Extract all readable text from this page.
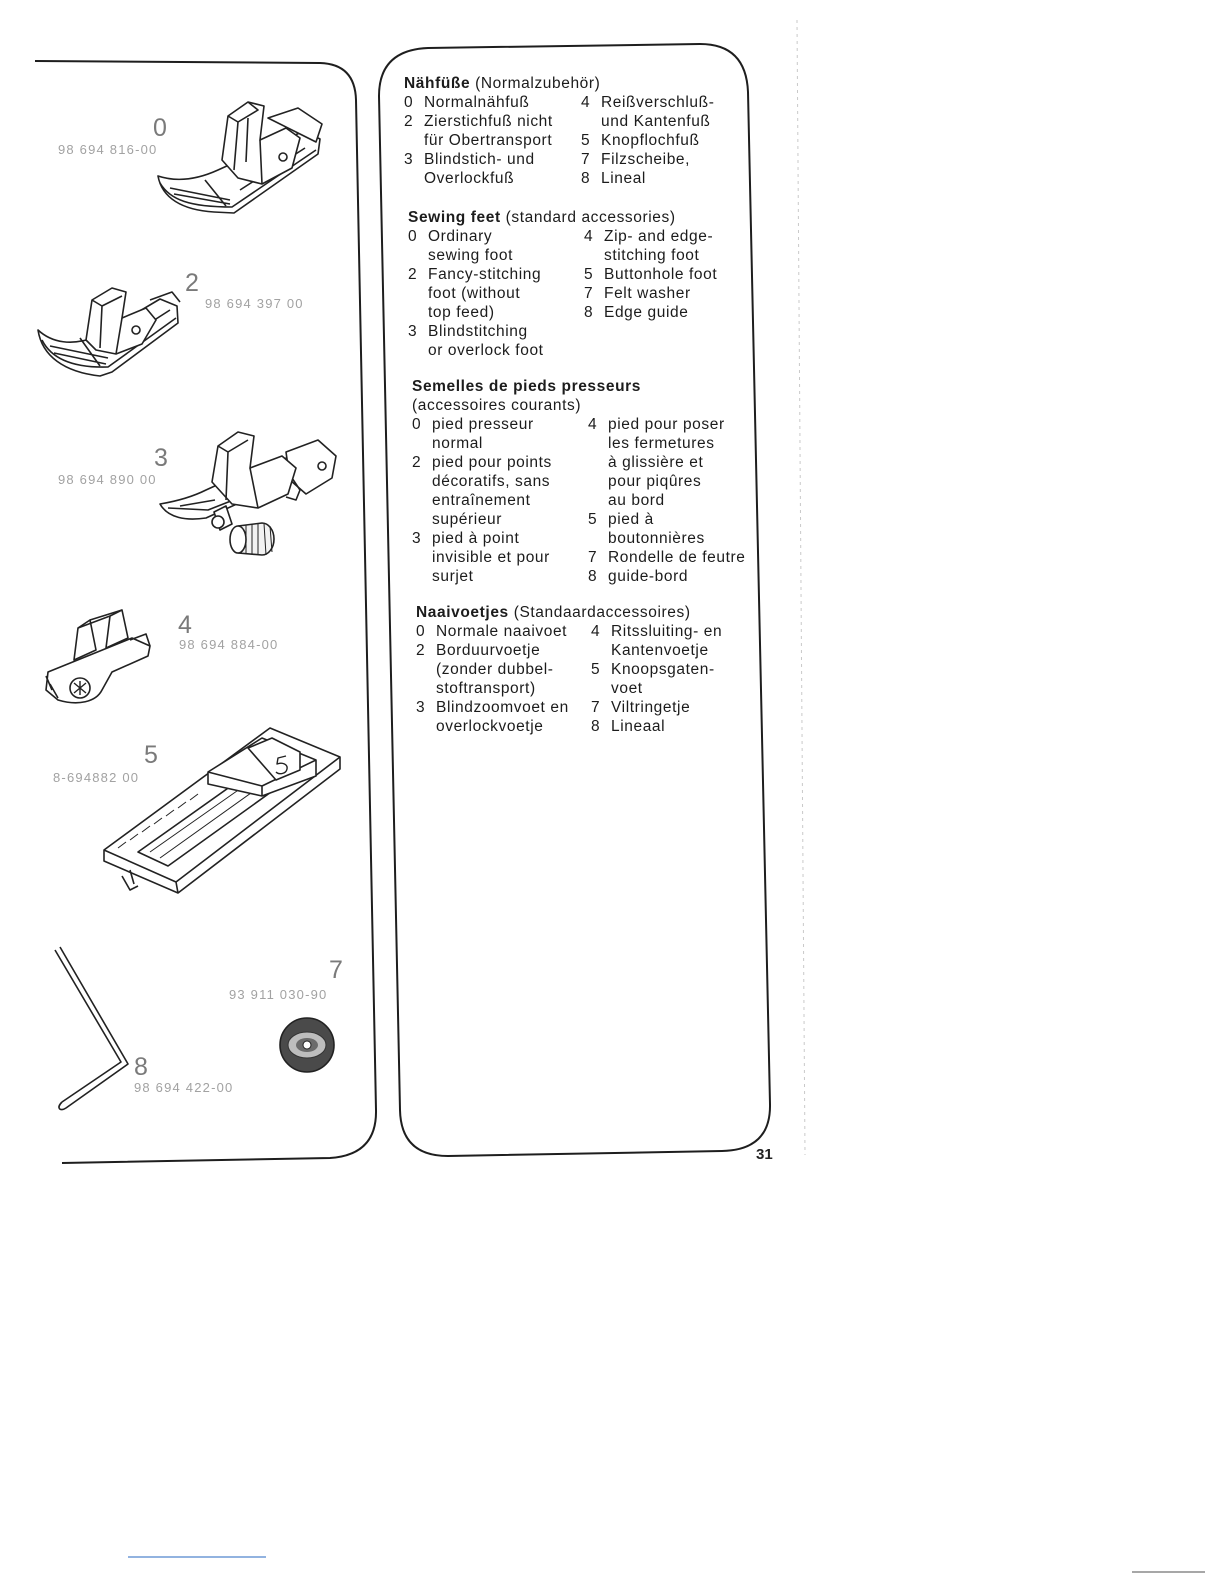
0
98 694 816-00
2
98 694 397 00
3
98 694 890 00
4
98 694 884-00
5
8-694882 00
7
93 911 030-90
8
98 694 422-00
Nähfüße (Normalzubehör)
0 Normalnähfuß
2 Zierstichfuß nicht
für Obertransport
3 Blindstich- und
Overlockfuß
4 Reißverschluß-
und Kantenfuß
5 Knopflochfuß
7 Filzscheibe,
8 Lineal
Sewing feet (standard accessories)
0 Ordinary
sewing foot
2 Fancy-stitching
foot (without
top feed)
3 Blindstitching
or overlock foot
4 Zip- and edge-
stitching foot
5 Buttonhole foot
7 Felt washer
8 Edge guide
Semelles de pieds presseurs
(accessoires courants)
0 pied presseur
normal
2 pied pour points
décoratifs, sans
entraînement
supérieur
3 pied à point
invisible et pour
surjet
4 pied pour poser
les fermetures
à glissière et
pour piqûres
au bord
5 pied à
boutonnières
7 Rondelle de feutre
8 guide-bord
Naaivoetjes (Standaardaccessoires)
0 Normale naaivoet
2 Borduurvoetje
(zonder dubbel-
stoftransport)
3 Blindzoomvoet en
overlockvoetje
4 Ritssluiting- en
Kantenvoetje
5 Knoopsgaten-
voet
7 Viltringetje
8 Lineaal
31
